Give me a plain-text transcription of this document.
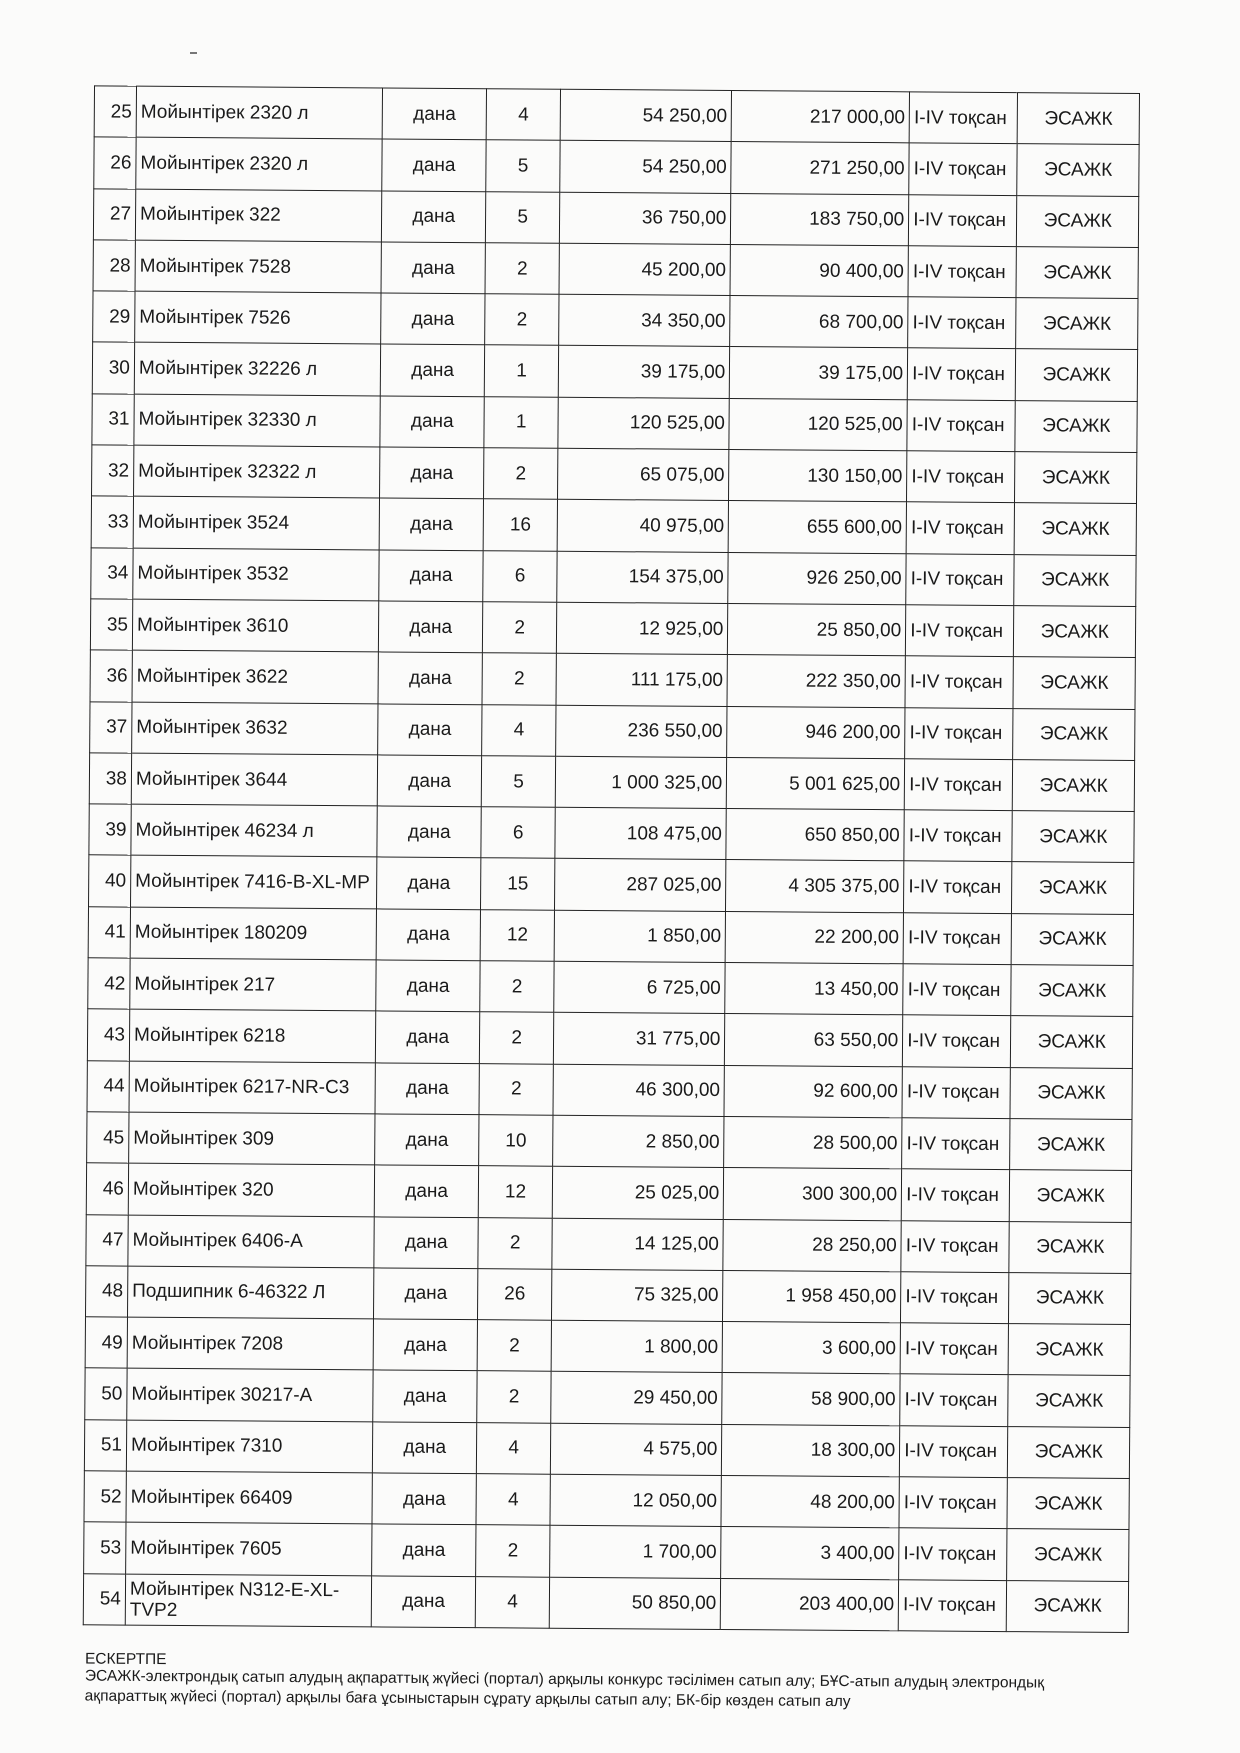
25	Мойынтірек 2320 л	дана	4	54 250,00	217 000,00	I-IV тоқсан	ЭСАЖК
26	Мойынтірек 2320 л	дана	5	54 250,00	271 250,00	I-IV тоқсан	ЭСАЖК
27	Мойынтірек 322	дана	5	36 750,00	183 750,00	I-IV тоқсан	ЭСАЖК
28	Мойынтірек 7528	дана	2	45 200,00	90 400,00	I-IV тоқсан	ЭСАЖК
29	Мойынтірек 7526	дана	2	34 350,00	68 700,00	I-IV тоқсан	ЭСАЖК
30	Мойынтірек 32226 л	дана	1	39 175,00	39 175,00	I-IV тоқсан	ЭСАЖК
31	Мойынтірек 32330 л	дана	1	120 525,00	120 525,00	I-IV тоқсан	ЭСАЖК
32	Мойынтірек 32322 л	дана	2	65 075,00	130 150,00	I-IV тоқсан	ЭСАЖК
33	Мойынтірек 3524	дана	16	40 975,00	655 600,00	I-IV тоқсан	ЭСАЖК
34	Мойынтірек 3532	дана	6	154 375,00	926 250,00	I-IV тоқсан	ЭСАЖК
35	Мойынтірек 3610	дана	2	12 925,00	25 850,00	I-IV тоқсан	ЭСАЖК
36	Мойынтірек 3622	дана	2	111 175,00	222 350,00	I-IV тоқсан	ЭСАЖК
37	Мойынтірек 3632	дана	4	236 550,00	946 200,00	I-IV тоқсан	ЭСАЖК
38	Мойынтірек 3644	дана	5	1 000 325,00	5 001 625,00	I-IV тоқсан	ЭСАЖК
39	Мойынтірек 46234 л	дана	6	108 475,00	650 850,00	I-IV тоқсан	ЭСАЖК
40	Мойынтірек 7416-В-XL-MP	дана	15	287 025,00	4 305 375,00	I-IV тоқсан	ЭСАЖК
41	Мойынтірек 180209	дана	12	1 850,00	22 200,00	I-IV тоқсан	ЭСАЖК
42	Мойынтірек 217	дана	2	6 725,00	13 450,00	I-IV тоқсан	ЭСАЖК
43	Мойынтірек 6218	дана	2	31 775,00	63 550,00	I-IV тоқсан	ЭСАЖК
44	Мойынтірек 6217-NR-C3	дана	2	46 300,00	92 600,00	I-IV тоқсан	ЭСАЖК
45	Мойынтірек 309	дана	10	2 850,00	28 500,00	I-IV тоқсан	ЭСАЖК
46	Мойынтірек 320	дана	12	25 025,00	300 300,00	I-IV тоқсан	ЭСАЖК
47	Мойынтірек 6406-А	дана	2	14 125,00	28 250,00	I-IV тоқсан	ЭСАЖК
48	Подшипник 6-46322 Л	дана	26	75 325,00	1 958 450,00	I-IV тоқсан	ЭСАЖК
49	Мойынтірек 7208	дана	2	1 800,00	3 600,00	I-IV тоқсан	ЭСАЖК
50	Мойынтірек 30217-А	дана	2	29 450,00	58 900,00	I-IV тоқсан	ЭСАЖК
51	Мойынтірек 7310	дана	4	4 575,00	18 300,00	I-IV тоқсан	ЭСАЖК
52	Мойынтірек 66409	дана	4	12 050,00	48 200,00	I-IV тоқсан	ЭСАЖК
53	Мойынтірек 7605	дана	2	1 700,00	3 400,00	I-IV тоқсан	ЭСАЖК
54	Мойынтірек N312-E-XL-TVP2	дана	4	50 850,00	203 400,00	I-IV тоқсан	ЭСАЖК
ЕСКЕРТПЕ
ЭСАЖК-электрондық сатып алудың ақпараттық жүйесі (портал) арқылы конкурс тәсілімен сатып алу; БҰС-атып алудың электрондық ақпараттық жүйесі (портал) арқылы баға ұсыныстарын сұрату арқылы сатып алу; БК-бір көзден сатып алу
